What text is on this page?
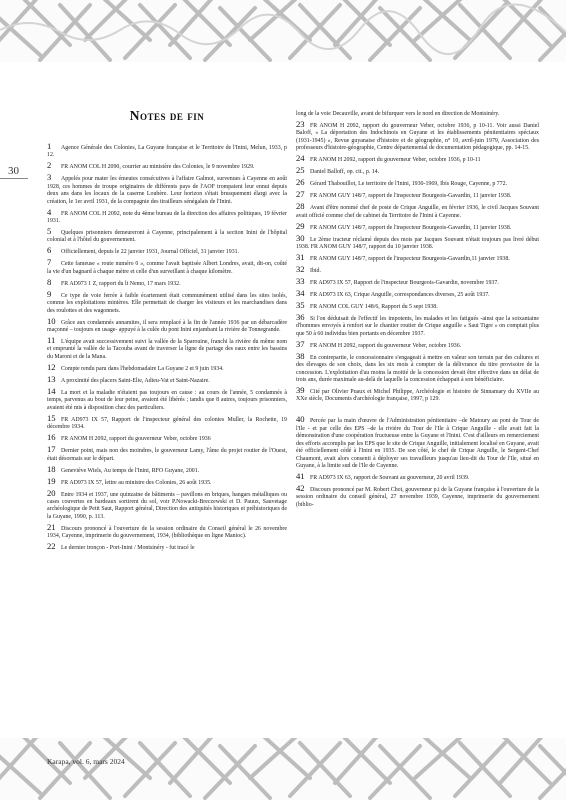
30
Notes de fin
1 Agence Générale des Colonies, La Guyane française et le Territoire de l'Inini, Melun, 1933, p 12.
2 FR ANOM COL H 2090, courrier au ministère des Colonies, le 9 novembre 1929.
3 Appelés pour mater les émeutes consécutives à l'affaire Galmot, survenues à Cayenne en août 1928, ces hommes de troupe originaires de différents pays de l'AOF trompaient leur ennui depuis deux ans dans les locaux de la caserne Loubère. Leur horizon s'était brusquement élargi avec la création, le 1er avril 1931, de la compagnie des tirailleurs sénégalais de l'Inini.
4 FR ANOM COL H 2092, note du 4ème bureau de la direction des affaires politiques, 19 février 1931.
5 Quelques prisonniers demeureront à Cayenne, principalement à la section Inini de l'hôpital colonial et à l'hôtel du gouvernement.
6 Officiellement, depuis le 22 janvier 1931, Journal Officiel, 31 janvier 1931.
7 Cette fameuse « route numéro 0 », comme l'avait baptisée Albert Londres, avait, dit-on, coûté la vie d'un bagnard à chaque mètre et celle d'un surveillant à chaque kilomètre.
8 FR AD973 1 Z, rapport du lt Nemo, 17 mars 1932.
9 Ce type de voie ferrée à faible écartement était communément utilisé dans les sites isolés, comme les exploitations minières. Elle permettait de charger les visiteurs et les marchandises dans des roulottes et des wagonnets.
10 Grâce aux condamnés annamites, il sera remplacé à la fin de l'année 1936 par un débarcadère maçonné – toujours en usage- appuyé à la culée du pont Inini enjambant la rivière de Tonnegrande.
11 L'équipe avait successivement suivi la vallée de la Sparouine, franchi la rivière du même nom et emprunté la vallée de la Tacouba avant de traverser la ligne de partage des eaux entre les bassins du Maroni et de la Mana.
12 Compte rendu paru dans l'hebdomadaire La Guyane 2 et 9 juin 1934.
13 A proximité des placers Saint-Elie, Adieu-Vat et Saint-Nazaire.
14 La mort et la maladie n'étaient pas toujours en cause : au cours de l'année, 5 condamnés à temps, parvenus au bout de leur peine, avaient été libérés ; tandis que 8 autres, toujours prisonniers, avaient été mis à disposition chez des particuliers.
15 FR AD973 IX 57, Rapport de l'inspecteur général des colonies Muller, la Rochette, 19 décembre 1934.
16 FR ANOM H 2092, rapport du gouverneur Veber, octobre 1936
17 Dernier point, mais non des moindres, le gouverneur Lamy, l'âme du projet routier de l'Ouest, était désormais sur le départ.
18 Geneviève Wiels, Au temps de l'Inini, RFO Guyane, 2001.
19 FR AD973 IX 57, lettre au ministre des Colonies, 26 août 1935.
20 Entre 1934 et 1937, une quinzaine de bâtiments – pavillons en briques, hangars métalliques ou cases couvertes en bardeaux sortirent du sol, voir P.Nowacki-Breczewski et D. Pauux, Sauvetage archéologique de Petit Saut, Rapport général, Direction des antiquités historiques et préhistoriques de la Guyane, 1990, p. 113.
21 Discours prononcé à l'ouverture de la session ordinaire du Conseil général le 26 novembre 1934, Cayenne, imprimerie du gouvernement, 1934, (bibliothèque en ligne Manioc).
22 Le dernier tronçon - Port-Inini / Montsinéry - fut tracé le
long de la voie Decauville, avant de bifurquer vers le nord en direction de Montsinéry.
23 FR ANOM H 2092, rapport du gouverneur Veber, octobre 1936, p 10-11. Voir aussi Daniel Baloff, « La déportation des Indochinois en Guyane et les établissements pénitentiaires spéciaux (1931-1945) », Revue guyanaise d'histoire et de géographie, n° 10, avril-juin 1979, Association des professeurs d'histoire-géographie, Centre départemental de documentation pédagogique, pp. 14-15.
24 FR ANOM H 2092, rapport du gouverneur Veber, octobre 1936, p 10-11
25 Daniel Balloff, op. cit., p. 14.
26 Gérard Thabouillot, Le territoire de l'Inini, 1930-1969, Ibis Rouge, Cayenne, p 772.
27 FR ANOM GUY 148/7, rapport de l'inspecteur Bourgeois-Gavardin, 11 janvier 1938.
28 Avant d'être nommé chef de poste de Crique Anguille, en février 1936, le civil Jacques Souvant avait officié comme chef de cabinet du Territoire de l'Inini à Cayenne.
29 FR ANOM GUY 148/7, rapport de l'inspecteur Bourgeois-Gavardin, 11 janvier 1938.
30 Le 2ème tracteur réclamé depuis des mois par Jacques Souvant n'était toujours pas livré début 1938. FR ANOM GUY 148/7, rapport du 10 janvier 1938.
31 FR ANOM GUY 148/7, rapport de l'inspecteur Bourgeois-Gavardin,11 janvier 1938.
32 Ibid.
33 FR AD973 IX 57, Rapport de l'inspecteur Bourgeois-Gavardin, novembre 1937.
34 FR AD973 IX 63, Crique Anguille, correspondances diverses, 25 août 1937.
35 FR ANOM COL GUY 148/6, Rapport du 5 sept 1938.
36 Si l'on déduisait de l'effectif les impotents, les malades et les fatigués -ainsi que la soixantaine d'hommes envoyés à renfort sur le chantier routier de Crique anguille « Saut Tigre » on comptait plus que 50 à 60 individus bien portants en décembre 1937.
37 FR ANOM H 2092, rapport du gouverneur Veber, octobre 1936.
38 En contrepartie, le concessionnaire s'engageait à mettre en valeur son terrain par des cultures et des élevages de son choix, dans les six mois à compter de la délivrance du titre provisoire de la concession. L'exploitation d'au moins la moitié de la concession devait être effective dans un délai de trois ans, durée maximale au-delà de laquelle la concession échappait à son bénéficiaire.
39 Cité par Olivier Puaux et Michel Philippe, Archéologie et histoire de Sinnamary du XVIIe au XXe siècle, Documents d'archéologie française, 1997, p 129.
40 Percée par la main d'œuvre de l'Administration pénitentiaire –de Matoury au pont de Tour de l'Ile - et par celle des EPS –de la rivière du Tour de l'Ile à Crique Anguille - elle avait fait la démonstration d'une coopération fructueuse entre la Guyane et l'Inini. C'est d'ailleurs en remerciement des efforts accomplis par les EPS que le site de Crique Anguille, initialement localisé en Guyane, avait été officiellement cédé à l'Inini en 1935. De son côté, le chef de Crique Anguille, le Sergent-Chef Chaumont, avait alors consenti à déployer ses travailleurs jusqu'au lieu-dit du Tour de l'Ile, situé en Guyane, à la limite sud de l'Ile de Cayenne.
41 FR AD973 IX 63, rapport de Souvant au gouverneur, 20 avril 1939.
42 Discours prononcé par M. Robert Chot, gouverneur p.i de la Guyane française à l'ouverture de la session ordinaire du conseil général, 27 novembre 1939, Cayenne, imprimerie du gouvernement (biblio-
Karapa, vol. 6, mars 2024
